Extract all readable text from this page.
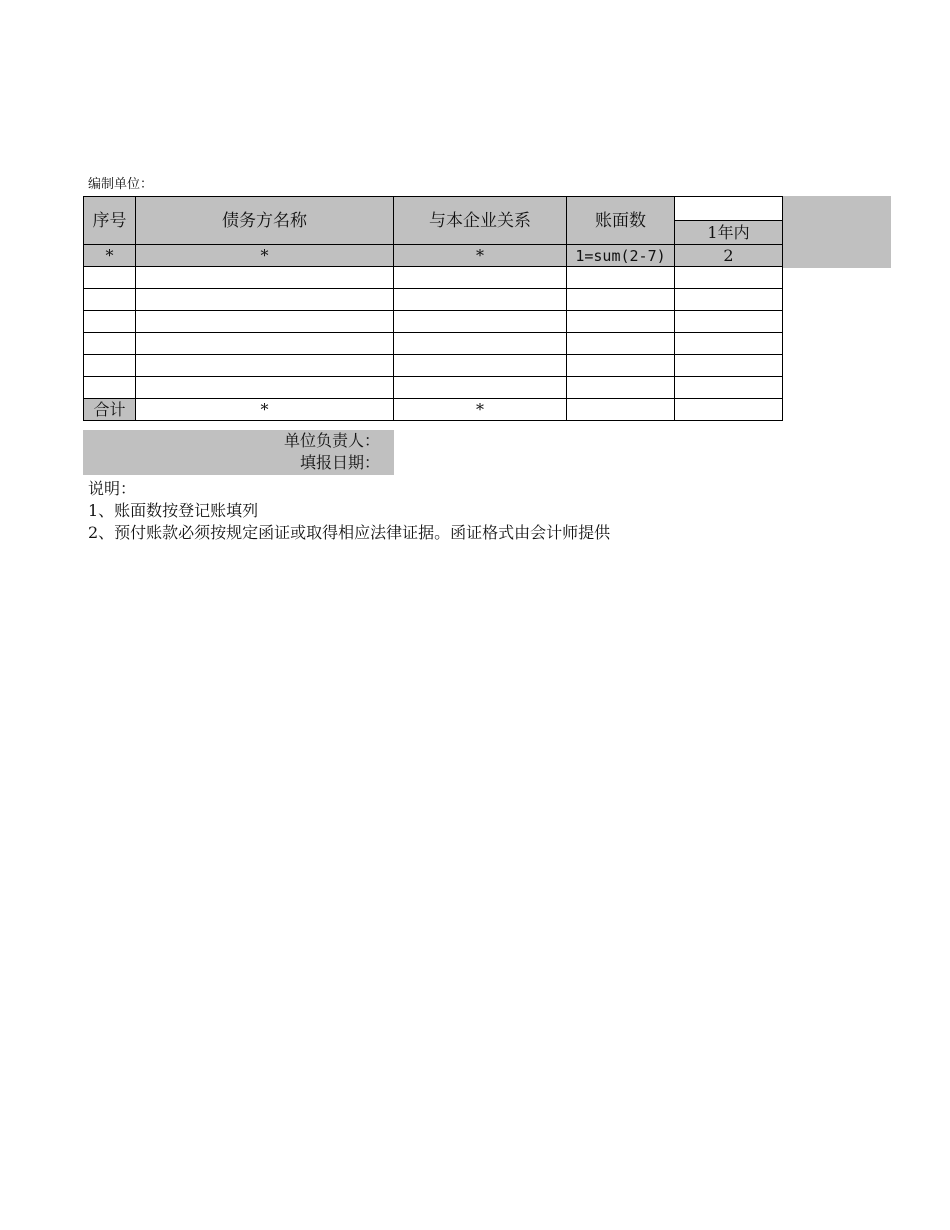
编制单位：
序号	债务方名称	与本企业关系	账面数	
				1年内
*	*	*	1=sum(2-7)	2

合计	*	*		
单位负责人：
填报日期：
说明：
1、账面数按登记账填列
2、预付账款必须按规定函证或取得相应法律证据。函证格式由会计师提供
